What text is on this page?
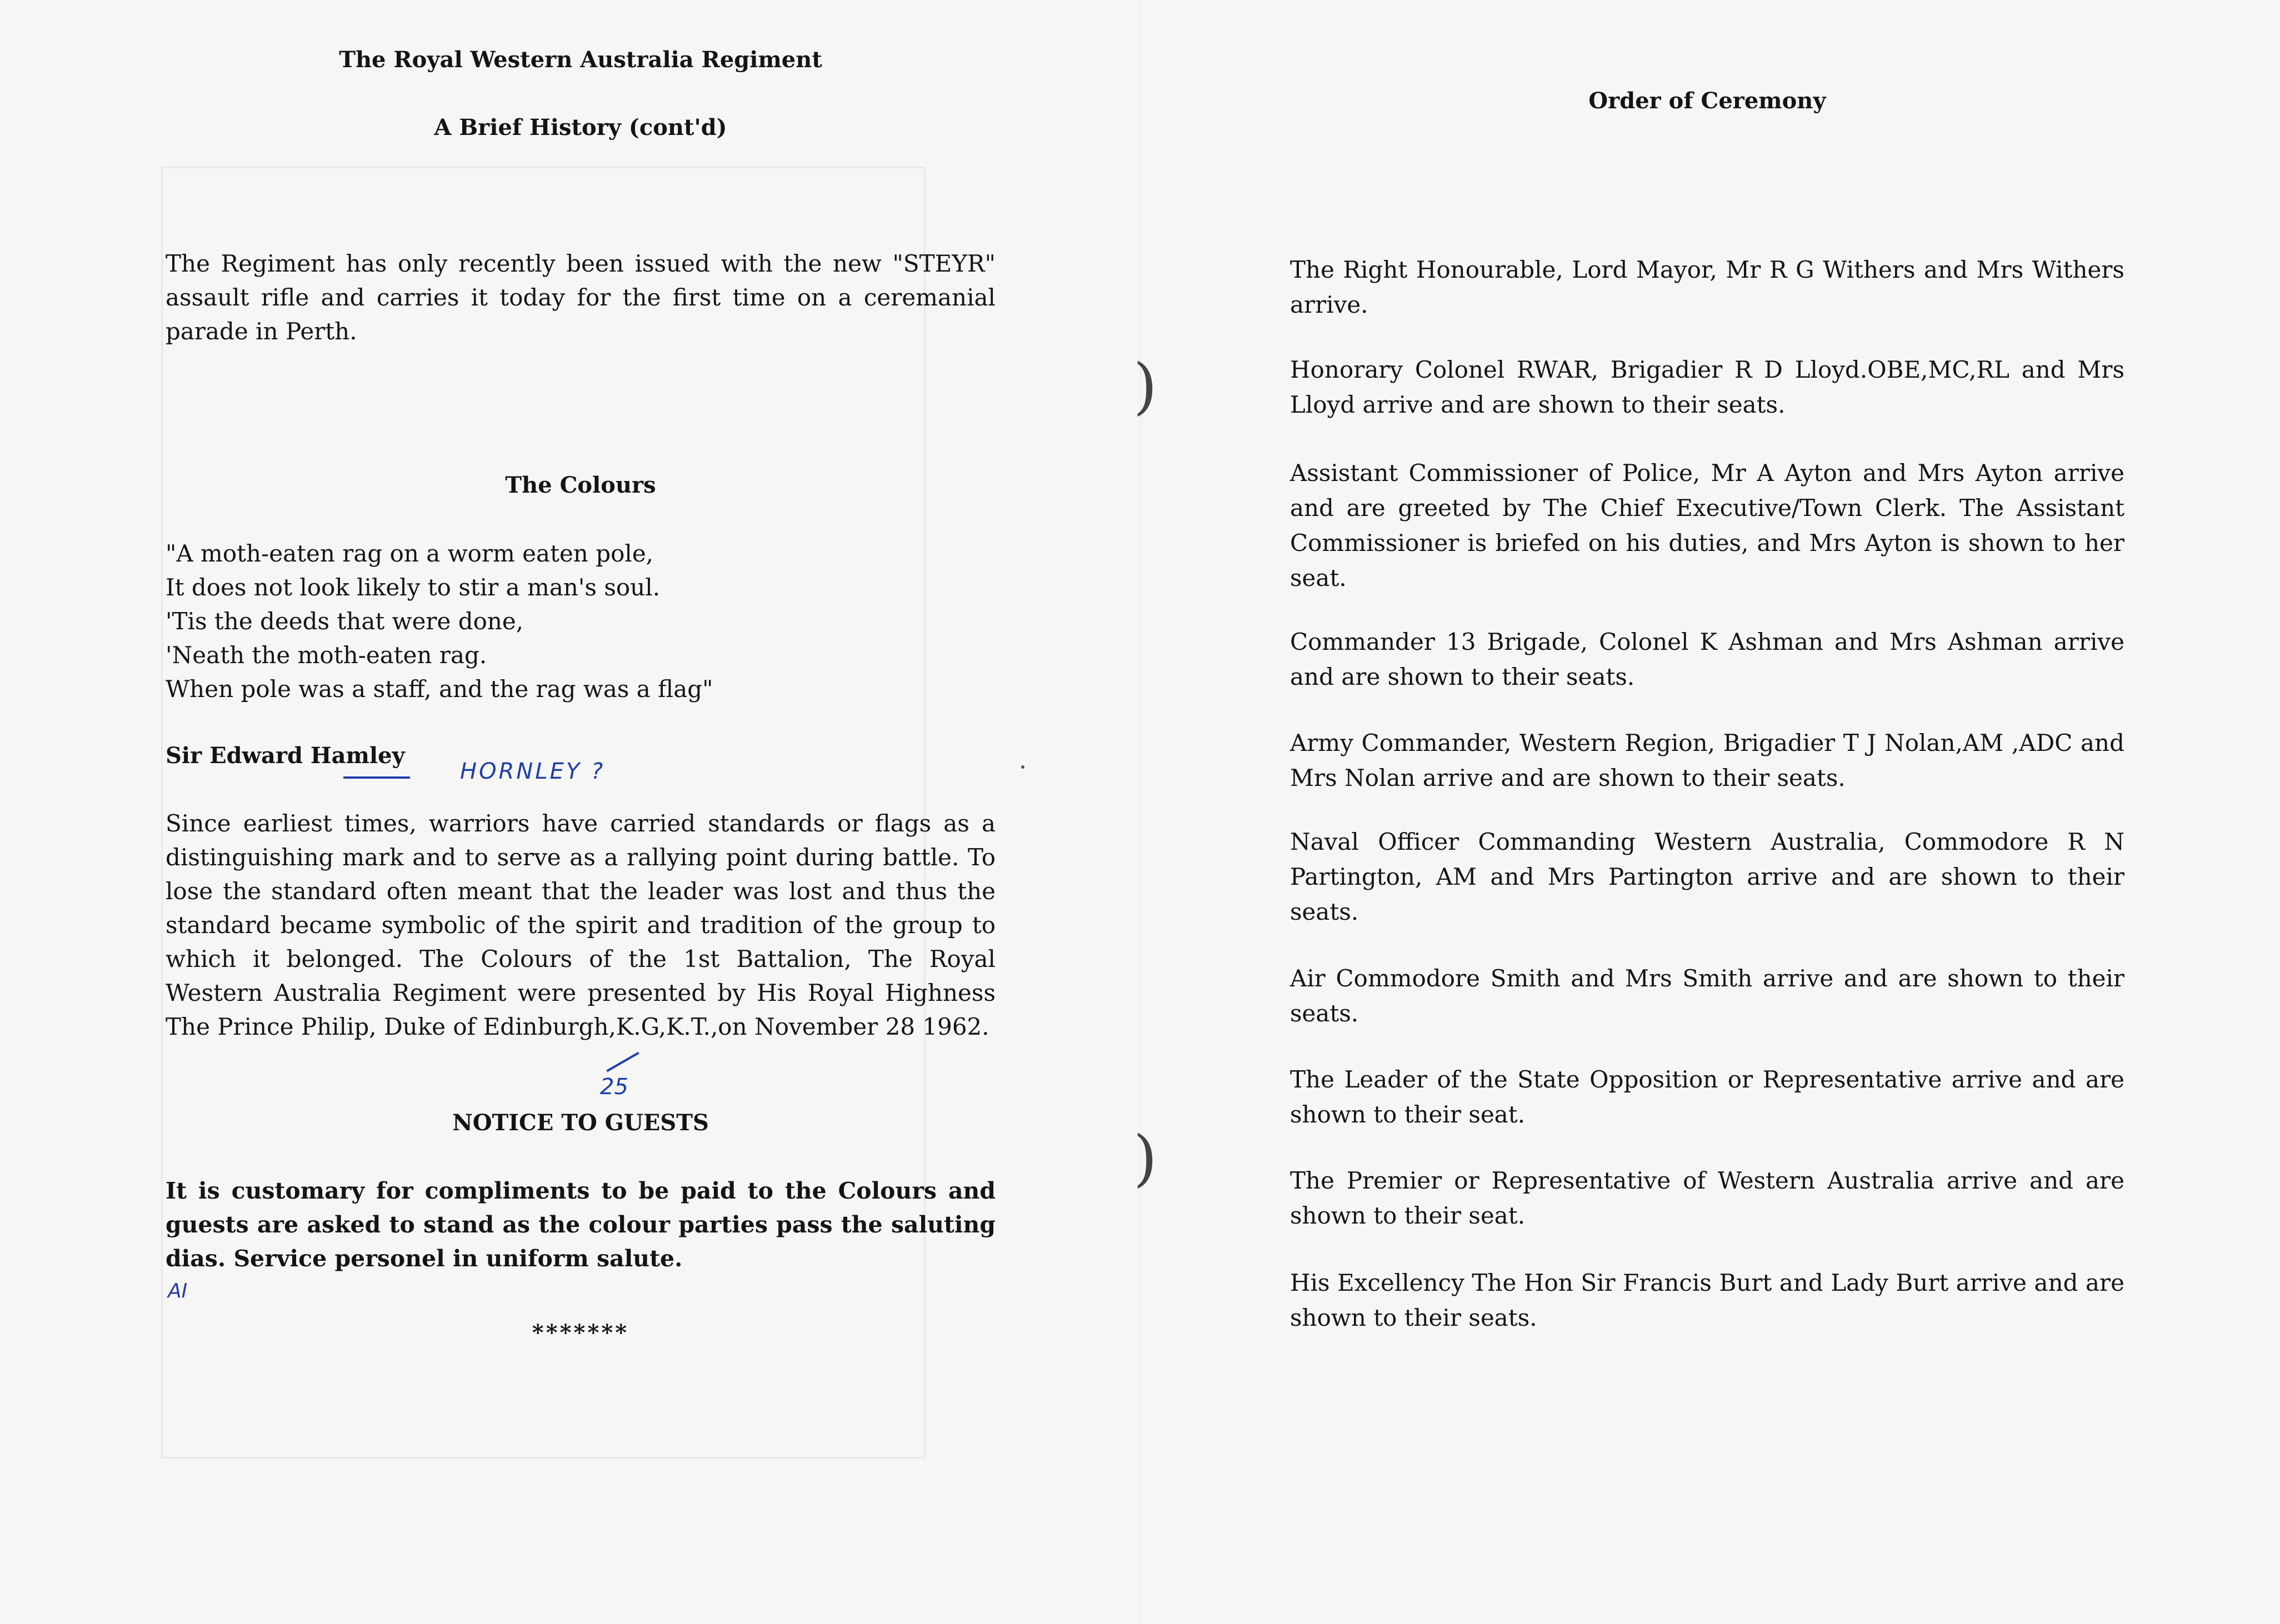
The Royal Western Australia Regiment
A Brief History (cont'd)
The Regiment has only recently been issued with the new "STEYR" assault rifle and carries it today for the first time on a ceremanial parade in Perth.
The Colours
"A moth-eaten rag on a worm eaten pole,
It does not look likely to stir a man's soul.
'Tis the deeds that were done,
'Neath the moth-eaten rag.
When pole was a staff, and the rag was a flag"
Sir Edward Hamley
HORNLEY ?
Since earliest times, warriors have carried standards or flags as a distinguishing mark and to serve as a rallying point during battle. To lose the standard often meant that the leader was lost and thus the standard became symbolic of the spirit and tradition of the group to which it belonged. The Colours of the 1st Battalion, The Royal Western Australia Regiment were presented by His Royal Highness The Prince Philip, Duke of Edinburgh,K.G,K.T.,on November 28 1962.
25
NOTICE TO GUESTS
It is customary for compliments to be paid to the Colours and guests are asked to stand as the colour parties pass the saluting dias. Service personel in uniform salute.
AI
*******
)
)
Order of Ceremony
The Right Honourable, Lord Mayor, Mr R G Withers and Mrs Withers arrive.
Honorary Colonel RWAR, Brigadier R D Lloyd.OBE,MC,RL and Mrs Lloyd arrive and are shown to their seats.
Assistant Commissioner of Police, Mr A Ayton and Mrs Ayton arrive and are greeted by The Chief Executive/Town Clerk. The Assistant Commissioner is briefed on his duties, and Mrs Ayton is shown to her seat.
Commander 13 Brigade, Colonel K Ashman and Mrs Ashman arrive and are shown to their seats.
Army Commander, Western Region, Brigadier T J Nolan,AM ,ADC and Mrs Nolan arrive and are shown to their seats.
Naval Officer Commanding Western Australia, Commodore R N Partington, AM and Mrs Partington arrive and are shown to their seats.
Air Commodore Smith and Mrs Smith arrive and are shown to their seats.
The Leader of the State Opposition or Representative arrive and are shown to their seat.
The Premier or Representative of Western Australia arrive and are shown to their seat.
His Excellency The Hon Sir Francis Burt and Lady Burt arrive and are shown to their seats.
